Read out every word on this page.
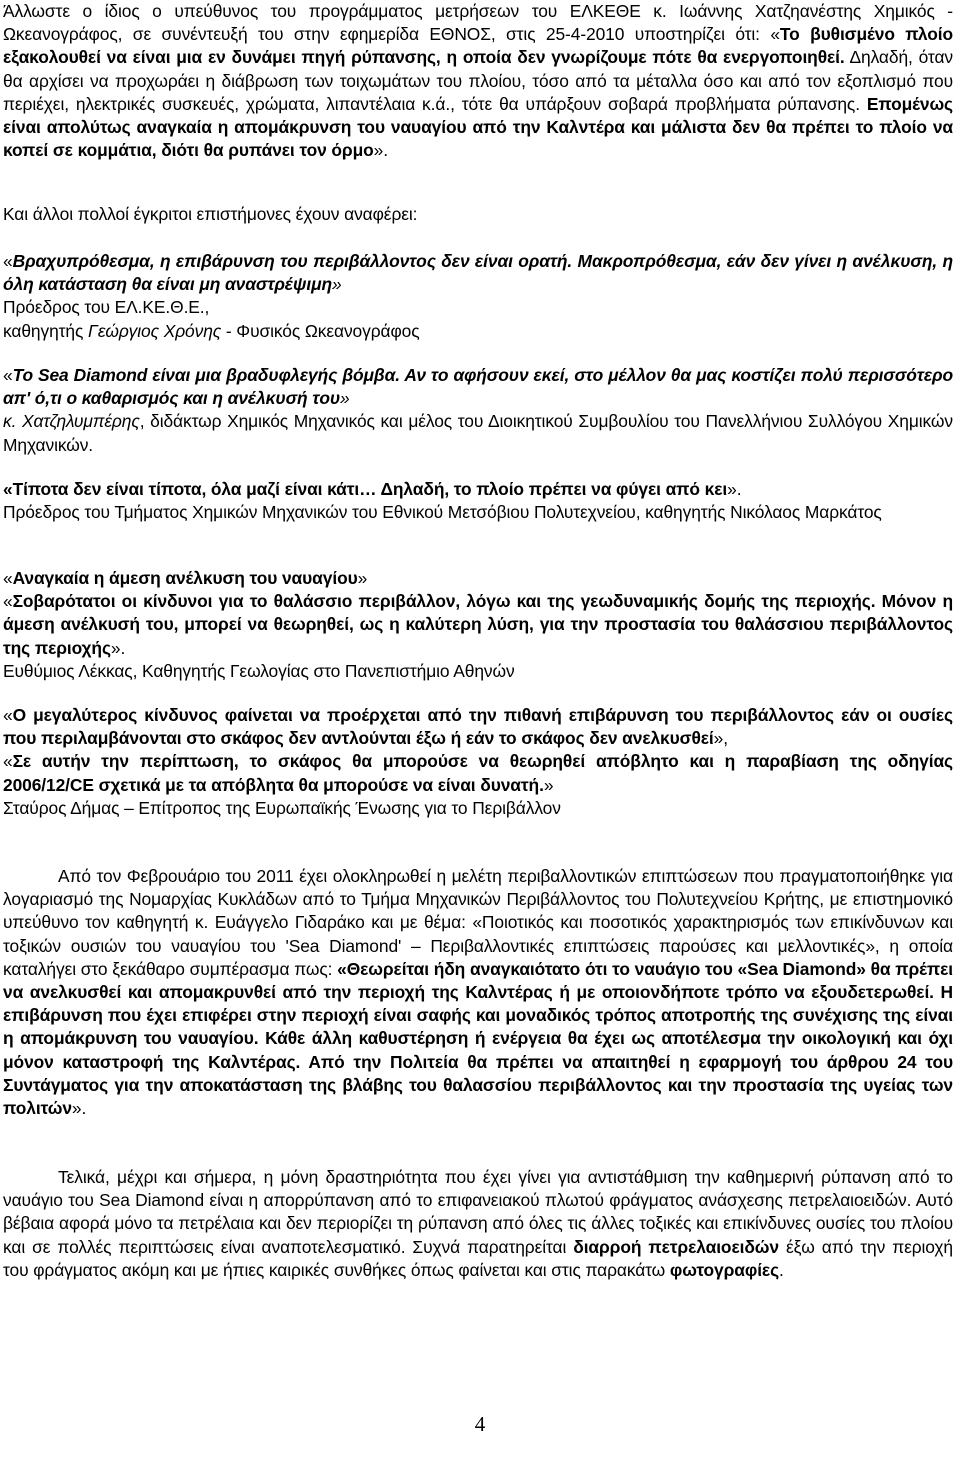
Άλλωστε ο ίδιος ο υπεύθυνος του προγράμματος μετρήσεων του ΕΛΚΕΘΕ κ. Ιωάννης Χατζηανέστης Χημικός - Ωκεανογράφος, σε συνέντευξή του στην εφημερίδα ΕΘΝΟΣ, στις 25-4-2010 υποστηρίζει ότι: «Το βυθισμένο πλοίο εξακολουθεί να είναι μια εν δυνάμει πηγή ρύπανσης, η οποία δεν γνωρίζουμε πότε θα ενεργοποιηθεί. Δηλαδή, όταν θα αρχίσει να προχωράει η διάβρωση των τοιχωμάτων του πλοίου, τόσο από τα μέταλλα όσο και από τον εξοπλισμό που περιέχει, ηλεκτρικές συσκευές, χρώματα, λιπαντέλαια κ.ά., τότε θα υπάρξουν σοβαρά προβλήματα ρύπανσης. Επομένως είναι απολύτως αναγκαία η απομάκρυνση του ναυαγίου από την Καλντέρα και μάλιστα δεν θα πρέπει το πλοίο να κοπεί σε κομμάτια, διότι θα ρυπάνει τον όρμο».

Και άλλοι πολλοί έγκριτοι επιστήμονες έχουν αναφέρει:

«Βραχυπρόθεσμα, η επιβάρυνση του περιβάλλοντος δεν είναι ορατή. Μακροπρόθεσμα, εάν δεν γίνει η ανέλκυση, η όλη κατάσταση θα είναι μη αναστρέψιμη»

Πρόεδρος του ΕΛ.ΚΕ.Θ.Ε.,

καθηγητής Γεώργιος Χρόνης - Φυσικός Ωκεανογράφος

«Το Sea Diamond είναι μια βραδυφλεγής βόμβα. Αν το αφήσουν εκεί, στο μέλλον θα μας κοστίζει πολύ περισσότερο απ' ό,τι ο καθαρισμός και η ανέλκυσή του»

κ. Χατζηλυμπέρης, διδάκτωρ Χημικός Μηχανικός και μέλος του Διοικητικού Συμβουλίου του Πανελλήνιου Συλλόγου Χημικών Μηχανικών.

«Τίποτα δεν είναι τίποτα, όλα μαζί είναι κάτι… Δηλαδή, το πλοίο πρέπει να φύγει από κει».

Πρόεδρος του Τμήματος Χημικών Μηχανικών του Εθνικού Μετσόβιου Πολυτεχνείου, καθηγητής Νικόλαος Μαρκάτος

«Αναγκαία η άμεση ανέλκυση του ναυαγίου»

«Σοβαρότατοι οι κίνδυνοι για το θαλάσσιο περιβάλλον, λόγω και της γεωδυναμικής δομής της περιοχής. Μόνον η άμεση ανέλκυσή του, μπορεί να θεωρηθεί, ως η καλύτερη λύση, για την προστασία του θαλάσσιου περιβάλλοντος της περιοχής».

Ευθύμιος Λέκκας, Καθηγητής Γεωλογίας στο Πανεπιστήμιο Αθηνών

«Ο μεγαλύτερος κίνδυνος φαίνεται να προέρχεται από την πιθανή επιβάρυνση του περιβάλλοντος εάν οι ουσίες που περιλαμβάνονται στο σκάφος δεν αντλούνται έξω ή εάν το σκάφος δεν ανελκυσθεί»,

«Σε αυτήν την περίπτωση, το σκάφος θα μπορούσε να θεωρηθεί απόβλητο και η παραβίαση της οδηγίας 2006/12/CE σχετικά με τα απόβλητα θα μπορούσε να είναι δυνατή.»

Σταύρος Δήμας – Επίτροπος της Ευρωπαϊκής Ένωσης για το Περιβάλλον

Από τον Φεβρουάριο του 2011 έχει ολοκληρωθεί η μελέτη περιβαλλοντικών επιπτώσεων που πραγματοποιήθηκε για λογαριασμό της Νομαρχίας Κυκλάδων από το Τμήμα Μηχανικών Περιβάλλοντος του Πολυτεχνείου Κρήτης, με επιστημονικό υπεύθυνο τον καθηγητή κ. Ευάγγελο Γιδαράκο και με θέμα: «Ποιοτικός και ποσοτικός χαρακτηρισμός των επικίνδυνων και τοξικών ουσιών του ναυαγίου του 'Sea Diamond' – Περιβαλλοντικές επιπτώσεις παρούσες και μελλοντικές», η οποία καταλήγει στο ξεκάθαρο συμπέρασμα πως: «Θεωρείται ήδη αναγκαιότατο ότι το ναυάγιο του «Sea Diamond» θα πρέπει να ανελκυσθεί και απομακρυνθεί από την περιοχή της Καλντέρας ή με οποιονδήποτε τρόπο να εξουδετερωθεί. Η επιβάρυνση που έχει επιφέρει στην περιοχή είναι σαφής και μοναδικός τρόπος αποτροπής της συνέχισης της είναι η απομάκρυνση του ναυαγίου. Κάθε άλλη καθυστέρηση ή ενέργεια θα έχει ως αποτέλεσμα την οικολογική και όχι μόνον καταστροφή της Καλντέρας. Από την Πολιτεία θα πρέπει να απαιτηθεί η εφαρμογή του άρθρου 24 του Συντάγματος για την αποκατάσταση της βλάβης του θαλασσίου περιβάλλοντος και την προστασία της υγείας των πολιτών».

Τελικά, μέχρι και σήμερα, η μόνη δραστηριότητα που έχει γίνει για αντιστάθμιση την καθημερινή ρύπανση από το ναυάγιο του Sea Diamond είναι η απορρύπανση από το επιφανειακού πλωτού φράγματος ανάσχεσης πετρελαιοειδών. Αυτό βέβαια αφορά μόνο τα πετρέλαια και δεν περιορίζει τη ρύπανση από όλες τις άλλες τοξικές και επικίνδυνες ουσίες του πλοίου και σε πολλές περιπτώσεις είναι αναποτελεσματικό. Συχνά παρατηρείται διαρροή πετρελαιοειδών έξω από την περιοχή του φράγματος ακόμη και με ήπιες καιρικές συνθήκες όπως φαίνεται και στις παρακάτω φωτογραφίες.

4
